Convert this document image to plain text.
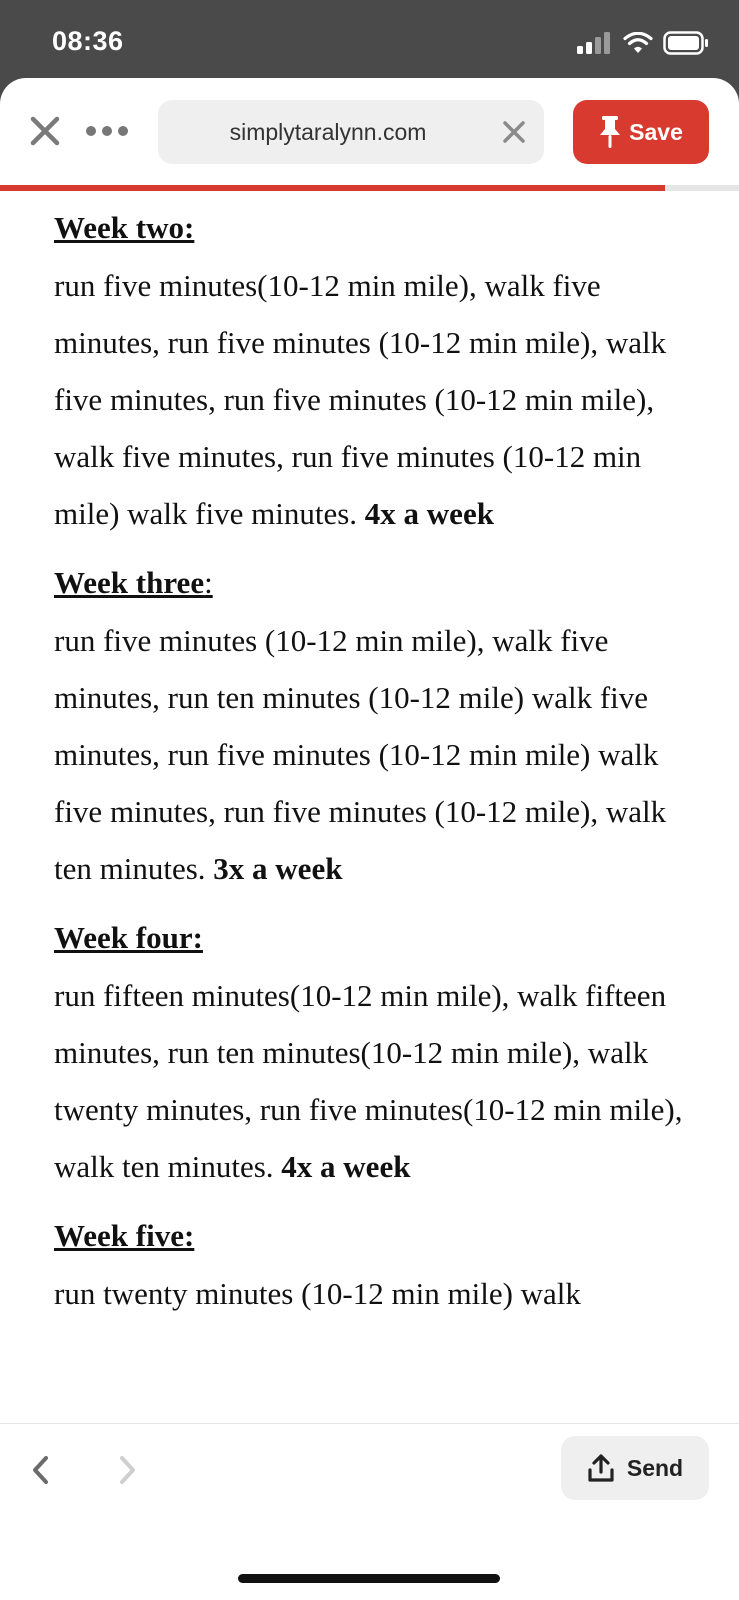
08:36
simplytaralynn.com	Save
Week two:

run five minutes(10-12 min mile), walk five minutes, run five minutes (10-12 min mile), walk five minutes, run five minutes (10-12 min mile), walk five minutes, run five minutes (10-12 min mile) walk five minutes. 4x a week

Week three:

run five minutes (10-12 min mile), walk five minutes, run ten minutes (10-12 mile) walk five minutes, run five minutes (10-12 min mile) walk five minutes, run five minutes (10-12 mile), walk ten minutes. 3x a week

Week four:

run fifteen minutes(10-12 min mile), walk fifteen minutes, run ten minutes(10-12 min mile), walk twenty minutes, run five minutes(10-12 min mile), walk ten minutes. 4x a week

Week five:

run twenty minutes (10-12 min mile) walk

Send
